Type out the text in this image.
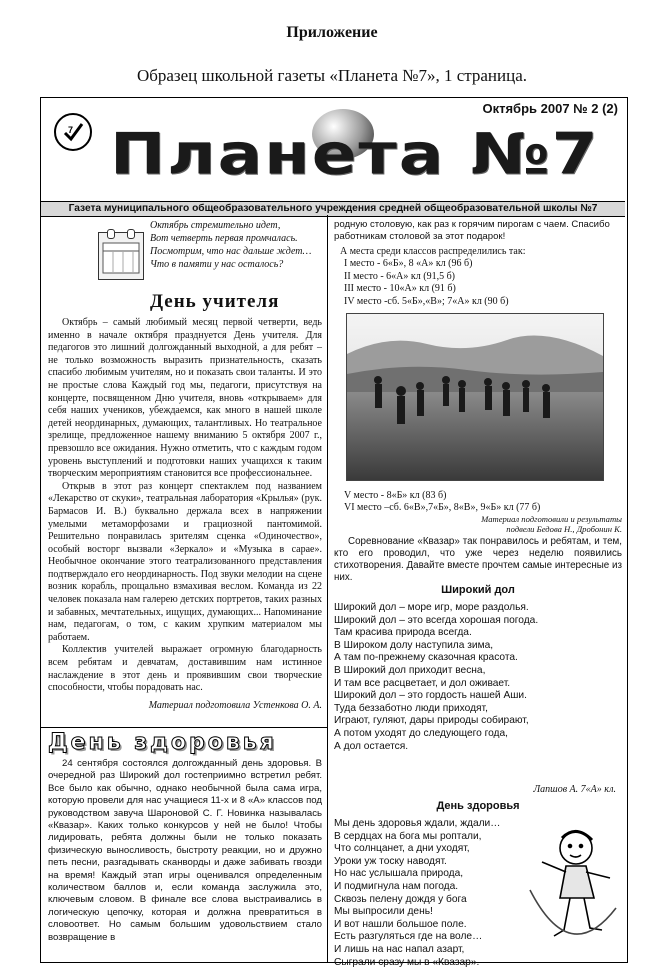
Приложение
Образец школьной газеты «Планета №7», 1 страница.
Октябрь 2007 № 2 (2)
7 Планета №7
Газета муниципального общеобразовательного учреждения средней общеобразовательной школы №7
Октябрь стремительно идет,
Вот четверть первая промчалась.
Посмотрим, что нас дальше ждет…
Что в памяти у нас осталось?
День учителя
Октябрь – самый любимый месяц первой четверти, ведь именно в начале октября празднуется День учителя. Для педагогов это лишний долгожданный выходной, а для ребят – не только возможность выразить признательность, сказать спасибо любимым учителям, но и показать свои таланты. И это не простые слова Каждый год мы, педагоги, присутствуя на концерте, посвященном Дню учителя, вновь «открываем» для себя наших учеников, убеждаемся, как много в нашей школе детей неординарных, думающих, талантливых. Но театральное зрелище, предложенное нашему вниманию 5 октября 2007 г., превзошло все ожидания. Нужно отметить, что с каждым годом уровень выступлений и подготовки наших учащихся к таким творческим мероприятиям становится все профессиональнее.
Открыв в этот раз концерт спектаклем под названием «Лекарство от скуки», театральная лаборатория «Крылья» (рук. Бармасов И. В.) буквально держала всех в напряжении умелыми метаморфозами и грациозной пантомимой. Решительно понравилась зрителям сценка «Одиночество», особый восторг вызвали «Зеркало» и «Музыка в сарае». Необычное окончание этого театрализованного представления подтверждало его неординарность. Под звуки мелодии на сцене возник корабль, прощально взмахивая веслом. Команда из 22 человек показала нам галерею детских портретов, таких разных и забавных, мечтательных, ищущих, думающих... Напоминание нам, педагогам, о том, с каким хрупким материалом мы работаем.
Коллектив учителей выражает огромную благодарность всем ребятам и девчатам, доставившим нам истинное наслаждение в этот день и проявившим свои творческие способности, чтобы порадовать нас.
Материал подготовила Устенкова О. А.
День здоровья
24 сентября состоялся долгожданный день здоровья. В очередной раз Широкий дол гостеприимно встретил ребят. Все было как обычно, однако необычной была сама игра, которую провели для нас учащиеся 11-х и 8 «А» классов под руководством завуча Шароновой С. Г. Новинка называлась «Квазар». Каких только конкурсов у ней не было! Чтобы лидировать, ребята должны были не только показать физическую выносливость, быстроту реакции, но и дружно петь песни, разгадывать сканворды и даже забивать гвозди на время! Каждый этап игры оценивался определенным количеством баллов и, если команда заслужила это, ключевым словом. В финале все слова выстраивались в логическую цепочку, которая и должна превратиться в словоответ. Но самым большим удовольствием стало возвращение в
родную столовую, как раз к горячим пирогам с чаем. Спасибо работникам столовой за этот подарок!
А места среди классов распределились так:
I место - 6«Б», 8 «А» кл (96 б)
II место - 6«А» кл (91,5 б)
III место - 10«А» кл (91 б)
IV место -сб. 5«Б»,«В»; 7«А» кл (90 б)
V место - 8«Б» кл (83 б)
VI место –сб. 6«В»,7«Б», 8«В», 9«Б» кл (77 б)
Материал подготовили и результаты
подвели Бедова Н., Дробонин К.
Соревнование «Квазар» так понравилось и ребятам, и тем, кто его проводил, что уже через неделю появились стихотворения. Давайте вместе прочтем самые интересные из них.
Широкий дол
Широкий дол – море игр, море раздолья.
Широкий дол – это всегда хорошая погода.
Там красива природа всегда.
В Широком долу наступила зима,
А там по-прежнему сказочная красота.
В Широкий дол приходит весна,
И там все расцветает, и дол оживает.
Широкий дол – это гордость нашей Аши.
Туда беззаботно люди приходят,
Играют, гуляют, дары природы собирают,
А потом уходят до следующего года,
А дол остается.
Лапшов А. 7«А» кл.
День здоровья
Мы день здоровья ждали, ждали…
В сердцах на бога мы роптали,
Что солнцанет, а дни уходят,
Уроки уж тоску наводят.
Но нас услышала природа,
И подмигнула нам погода.
Сквозь пелену дождя у бога
Мы выпросили день!
И вот нашли большое поле.
Есть разгуляться где на воле…
И лишь на нас напал азарт,
Сыграли сразу мы в «Квазар».
